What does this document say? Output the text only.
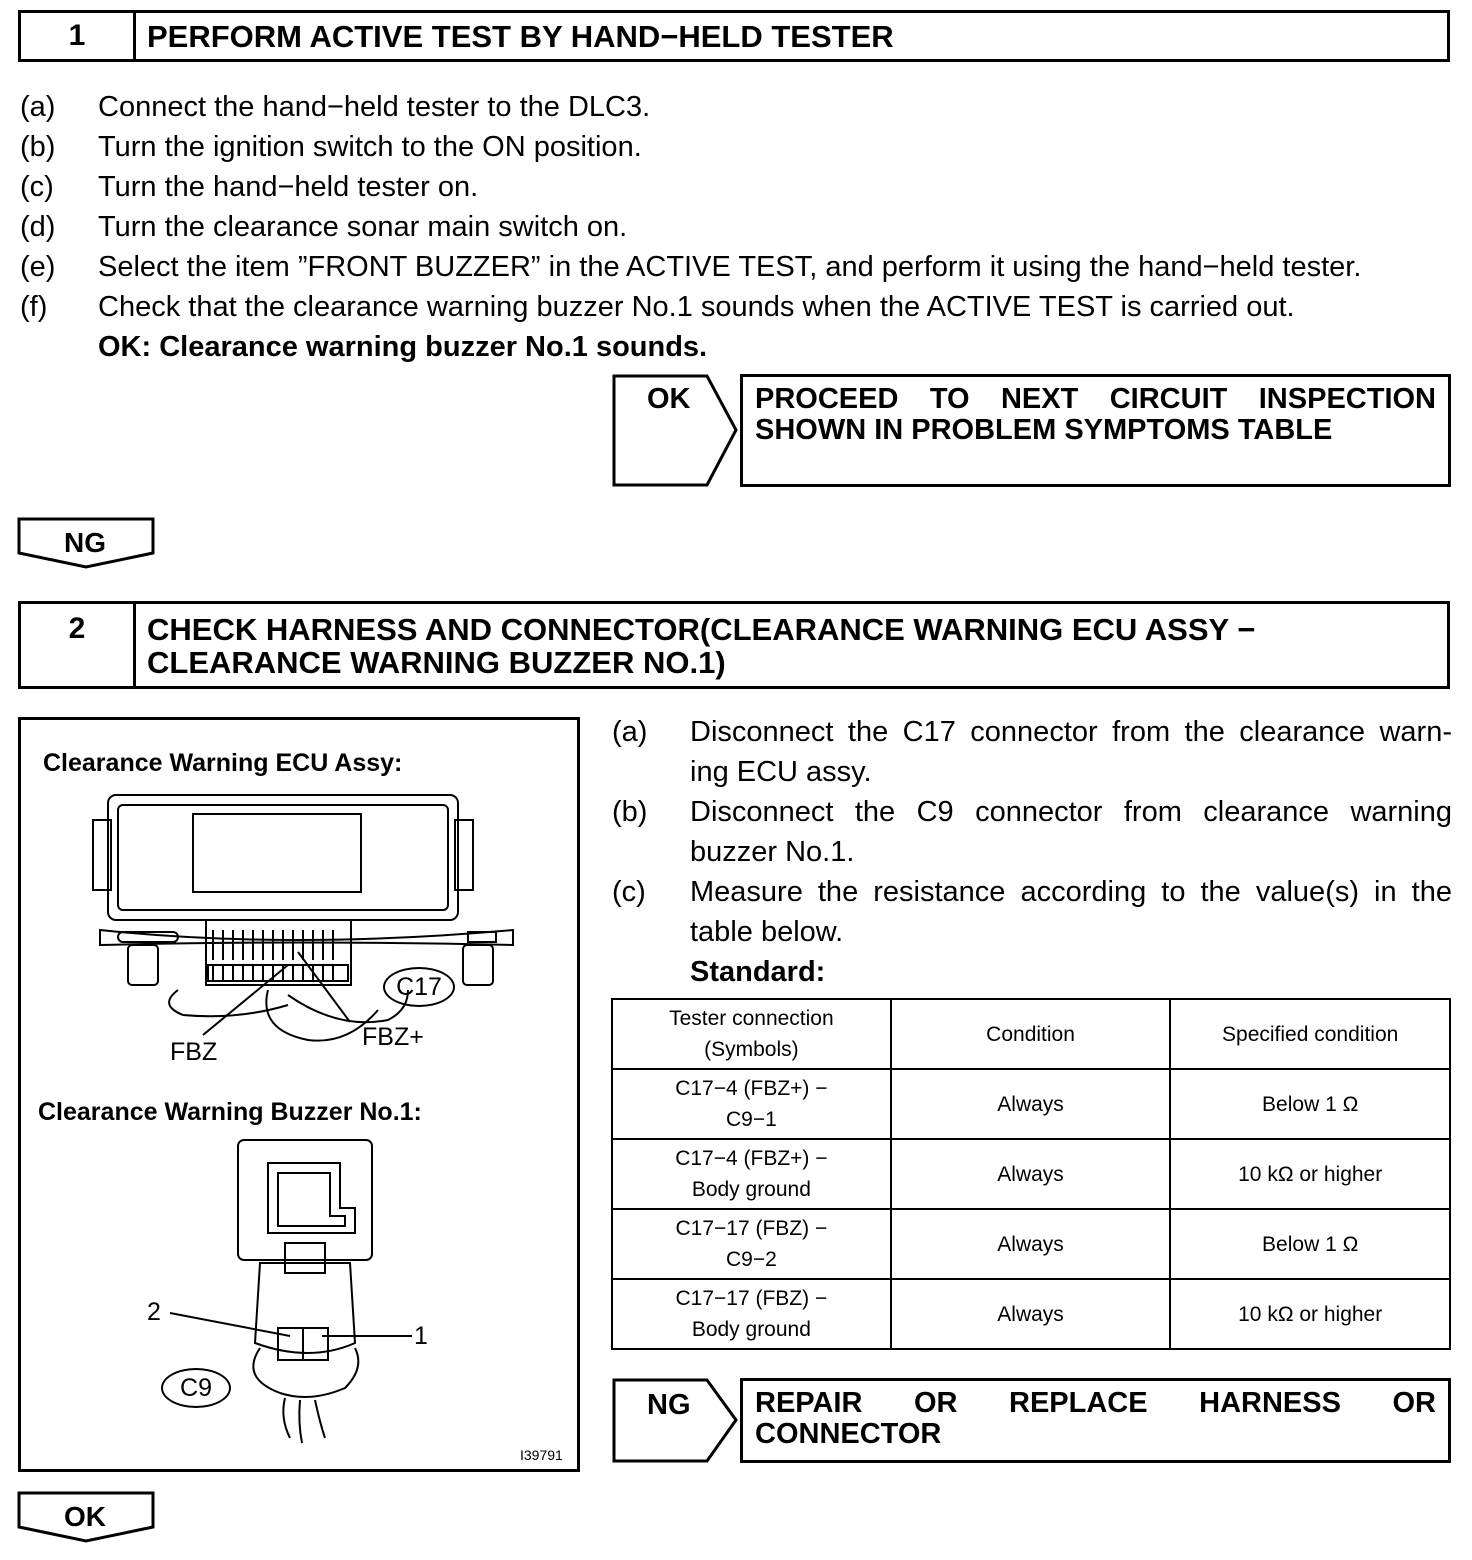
1	PERFORM ACTIVE TEST BY HAND−HELD TESTER
(a)	Connect the hand−held tester to the DLC3.
(b)	Turn the ignition switch to the ON position.
(c)	Turn the hand−held tester on.
(d)	Turn the clearance sonar main switch on.
(e)	Select the item ”FRONT BUZZER” in the ACTIVE TEST, and perform it using the hand−held tester.
(f)	Check that the clearance warning buzzer No.1 sounds when the ACTIVE TEST is carried out.
OK: Clearance warning buzzer No.1 sounds.
OK PROCEED TO NEXT CIRCUIT INSPECTION
SHOWN IN PROBLEM SYMPTOMS TABLE
NG
2	CHECK HARNESS AND CONNECTOR(CLEARANCE WARNING ECU ASSY −
CLEARANCE WARNING BUZZER NO.1)
Clearance Warning ECU Assy:
C17
FBZ
FBZ+
Clearance Warning Buzzer No.1:
2
1
C9
I39791
(a)	Disconnect the C17 connector from the clearance warn-
ing ECU assy.
(b)	Disconnect the C9 connector from clearance warning
buzzer No.1.
(c)	Measure the resistance according to the value(s) in the
table below.
Standard:
Tester connection
(Symbols)	Condition	Specified condition

C17−4 (FBZ+) −
C9−1	Always	Below 1 Ω

C17−4 (FBZ+) −
Body ground	Always	10 kΩ or higher

C17−17 (FBZ) −
C9−2	Always	Below 1 Ω

C17−17 (FBZ) −
Body ground	Always	10 kΩ or higher
NG REPAIR OR REPLACE HARNESS OR
CONNECTOR
OK
